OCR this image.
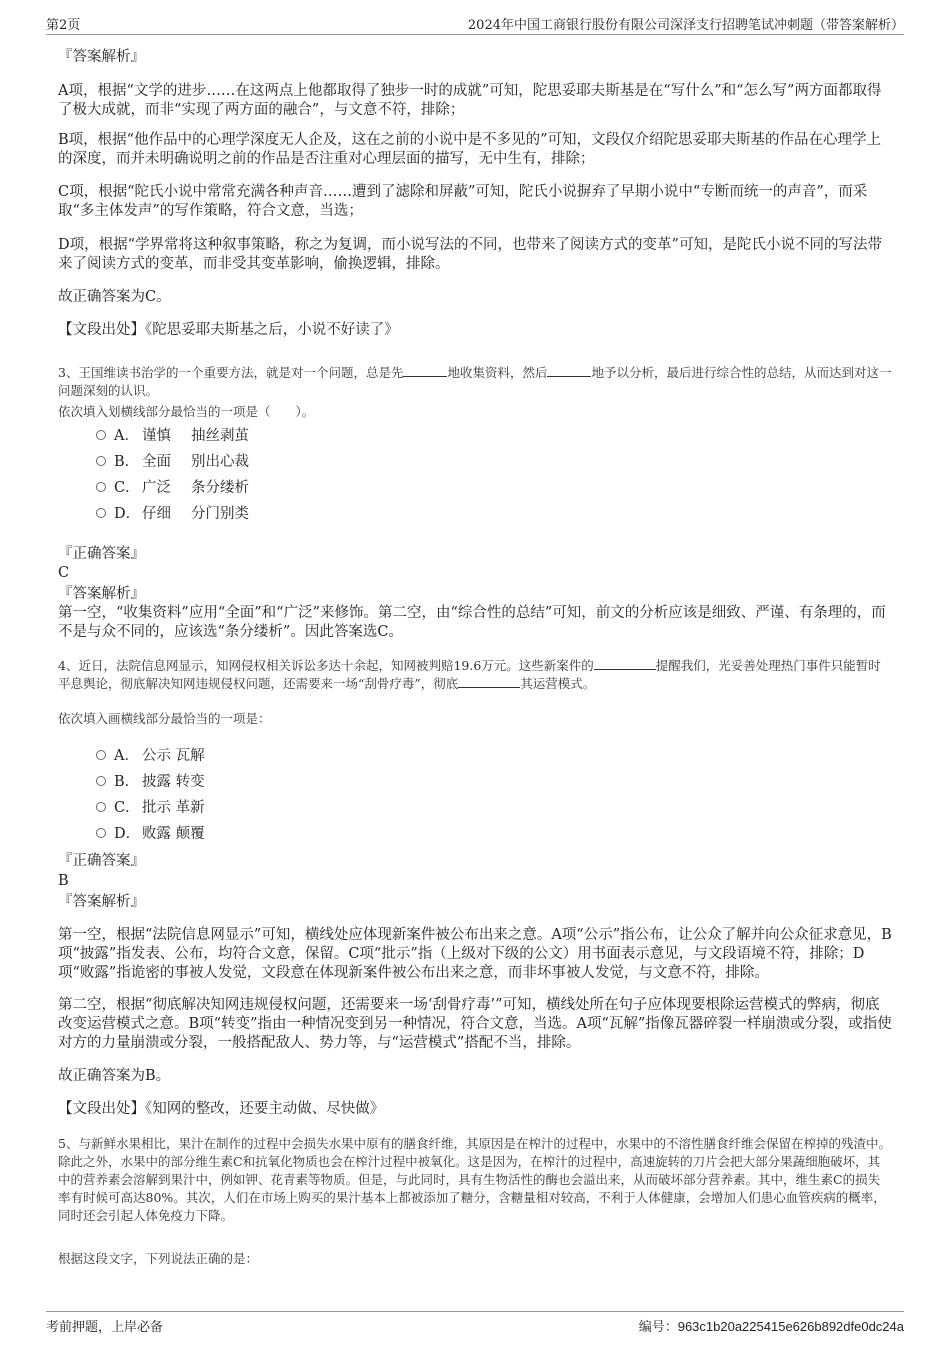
第2页	2024年中国工商银行股份有限公司深泽支行招聘笔试冲刺题（带答案解析）

『答案解析』

A项，根据“文学的进步……在这两点上他都取得了独步一时的成就”可知，陀思妥耶夫斯基是在“写什么”和“怎么写”两方面都取得了极大成就，而非“实现了两方面的融合”，与文意不符，排除；

B项，根据“他作品中的心理学深度无人企及，这在之前的小说中是不多见的”可知，文段仅介绍陀思妥耶夫斯基的作品在心理学上的深度，而并未明确说明之前的作品是否注重对心理层面的描写，无中生有，排除；

C项，根据“陀氏小说中常常充满各种声音……遭到了滤除和屏蔽”可知，陀氏小说摒弃了早期小说中“专断而统一的声音”，而采取“多主体发声”的写作策略，符合文意，当选；

D项，根据“学界常将这种叙事策略，称之为复调，而小说写法的不同，也带来了阅读方式的变革”可知，是陀氏小说不同的写法带来了阅读方式的变革，而非受其变革影响，偷换逻辑，排除。

故正确答案为C。

【文段出处】《陀思妥耶夫斯基之后，小说不好读了》

3、王国维读书治学的一个重要方法，就是对一个问题，总是先	地收集资料，然后	地予以分析，最后进行综合性的总结，从而达到对这一问题深刻的认识。

依次填入划横线部分最恰当的一项是（　　）。

A． 谨慎 抽丝剥茧
B． 全面 别出心裁
C． 广泛 条分缕析
D． 仔细 分门别类

『正确答案』

C

『答案解析』

第一空，“收集资料”应用“全面”和“广泛”来修饰。第二空，由“综合性的总结”可知，前文的分析应该是细致、严谨、有条理的，而不是与众不同的，应该选“条分缕析”。因此答案选C。

4、近日，法院信息网显示，知网侵权相关诉讼多达十余起，知网被判赔19.6万元。这些新案件的	提醒我们，光妥善处理热门事件只能暂时平息舆论，彻底解决知网违规侵权问题，还需要来一场“刮骨疗毒”，彻底	其运营模式。

依次填入画横线部分最恰当的一项是：

A． 公示 瓦解
B． 披露 转变
C． 批示 革新
D． 败露 颠覆

『正确答案』

B

『答案解析』

第一空，根据“法院信息网显示”可知，横线处应体现新案件被公布出来之意。A项“公示”指公布，让公众了解并向公众征求意见，B项“披露”指发表、公布，均符合文意，保留。C项“批示”指（上级对下级的公文）用书面表示意见，与文段语境不符，排除；D项“败露”指诡密的事被人发觉，文段意在体现新案件被公布出来之意，而非坏事被人发觉，与文意不符，排除。

第二空，根据“彻底解决知网违规侵权问题，还需要来一场‘刮骨疗毒’”可知，横线处所在句子应体现要根除运营模式的弊病，彻底改变运营模式之意。B项“转变”指由一种情况变到另一种情况，符合文意，当选。A项“瓦解”指像瓦器碎裂一样崩溃或分裂，或指使对方的力量崩溃或分裂，一般搭配敌人、势力等，与“运营模式”搭配不当，排除。

故正确答案为B。

【文段出处】《知网的整改，还要主动做、尽快做》

5、与新鲜水果相比，果汁在制作的过程中会损失水果中原有的膳食纤维，其原因是在榨汁的过程中，水果中的不溶性膳食纤维会保留在榨掉的残渣中。除此之外，水果中的部分维生素C和抗氧化物质也会在榨汁过程中被氧化。这是因为，在榨汁的过程中，高速旋转的刀片会把大部分果蔬细胞破坏，其中的营养素会溶解到果汁中，例如钾、花青素等物质。但是，与此同时，具有生物活性的酶也会溢出来，从而破坏部分营养素。其中，维生素C的损失率有时候可高达80%。其次，人们在市场上购买的果汁基本上都被添加了糖分，含糖量相对较高，不利于人体健康，会增加人们患心血管疾病的概率，同时还会引起人体免疫力下降。

根据这段文字，下列说法正确的是：

考前押题，上岸必备	编号：963c1b20a225415e626b892dfe0dc24a
